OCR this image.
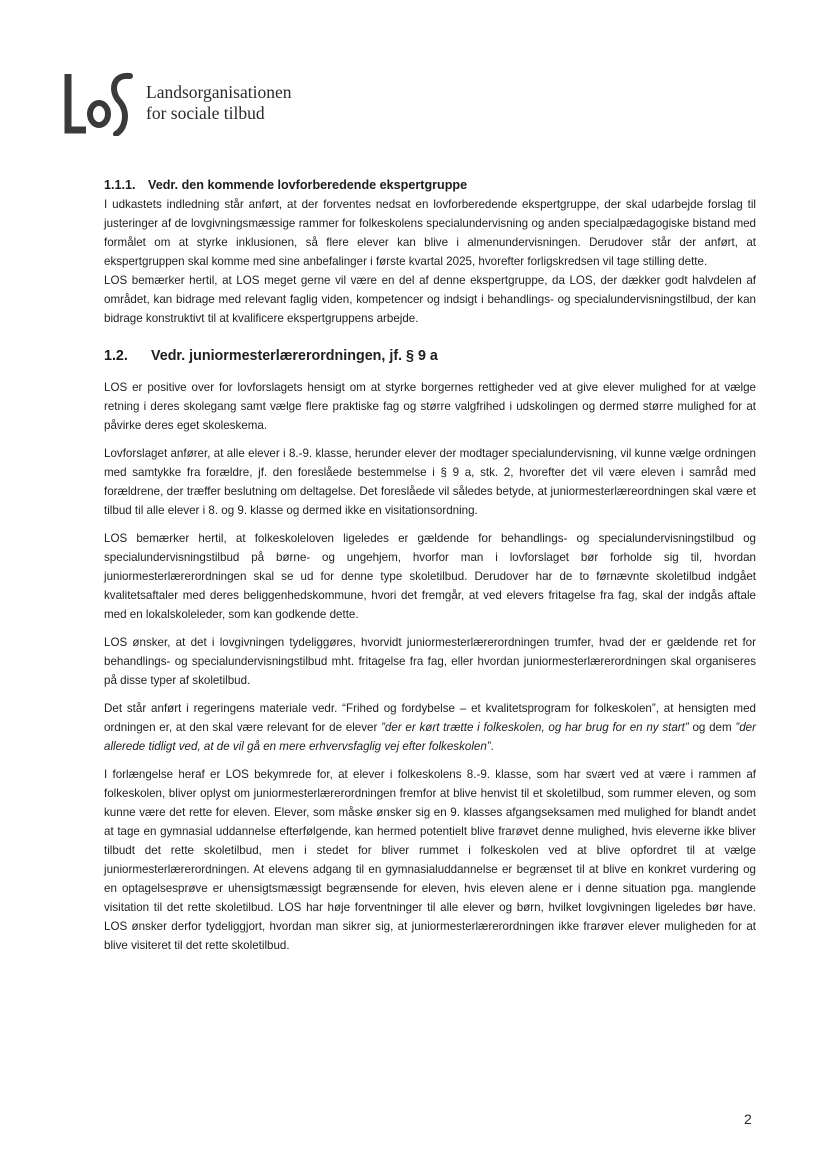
Landsorganisationen
for sociale tilbud
1.1.1. Vedr. den kommende lovforberedende ekspertgruppe

I udkastets indledning står anført, at der forventes nedsat en lovforberedende ekspertgruppe, der skal udarbejde forslag til justeringer af de lovgivningsmæssige rammer for folkeskolens specialundervisning og anden specialpædagogiske bistand med formålet om at styrke inklusionen, så flere elever kan blive i almenundervisningen. Derudover står der anført, at ekspertgruppen skal komme med sine anbefalinger i første kvartal 2025, hvorefter forligskredsen vil tage stilling dette.

LOS bemærker hertil, at LOS meget gerne vil være en del af denne ekspertgruppe, da LOS, der dækker godt halvdelen af området, kan bidrage med relevant faglig viden, kompetencer og indsigt i behandlings- og specialundervisningstilbud, der kan bidrage konstruktivt til at kvalificere ekspertgruppens arbejde.

1.2. Vedr. juniormesterlærerordningen, jf. § 9 a

LOS er positive over for lovforslagets hensigt om at styrke borgernes rettigheder ved at give elever mulighed for at vælge retning i deres skolegang samt vælge flere praktiske fag og større valgfrihed i udskolingen og dermed større mulighed for at påvirke deres eget skoleskema.

Lovforslaget anfører, at alle elever i 8.-9. klasse, herunder elever der modtager specialundervisning, vil kunne vælge ordningen med samtykke fra forældre, jf. den foreslåede bestemmelse i § 9 a, stk. 2, hvorefter det vil være eleven i samråd med forældrene, der træffer beslutning om deltagelse. Det foreslåede vil således betyde, at juniormesterlæreordningen skal være et tilbud til alle elever i 8. og 9. klasse og dermed ikke en visitationsordning.

LOS bemærker hertil, at folkeskoleloven ligeledes er gældende for behandlings- og specialundervisningstilbud og specialundervisningstilbud på børne- og ungehjem, hvorfor man i lovforslaget bør forholde sig til, hvordan juniormesterlærerordningen skal se ud for denne type skoletilbud. Derudover har de to førnævnte skoletilbud indgået kvalitetsaftaler med deres beliggenhedskommune, hvori det fremgår, at ved elevers fritagelse fra fag, skal der indgås aftale med en lokalskoleleder, som kan godkende dette.

LOS ønsker, at det i lovgivningen tydeliggøres, hvorvidt juniormesterlærerordningen trumfer, hvad der er gældende ret for behandlings- og specialundervisningstilbud mht. fritagelse fra fag, eller hvordan juniormesterlærerordningen skal organiseres på disse typer af skoletilbud.

Det står anført i regeringens materiale vedr. “Frihed og fordybelse – et kvalitetsprogram for folkeskolen”, at hensigten med ordningen er, at den skal være relevant for de elever ”der er kørt trætte i folkeskolen, og har brug for en ny start” og dem ”der allerede tidligt ved, at de vil gå en mere erhvervsfaglig vej efter folkeskolen”.

I forlængelse heraf er LOS bekymrede for, at elever i folkeskolens 8.-9. klasse, som har svært ved at være i rammen af folkeskolen, bliver oplyst om juniormesterlærerordningen fremfor at blive henvist til et skoletilbud, som rummer eleven, og som kunne være det rette for eleven. Elever, som måske ønsker sig en 9. klasses afgangseksamen med mulighed for blandt andet at tage en gymnasial uddannelse efterfølgende, kan hermed potentielt blive frarøvet denne mulighed, hvis eleverne ikke bliver tilbudt det rette skoletilbud, men i stedet for bliver rummet i folkeskolen ved at blive opfordret til at vælge juniormesterlærerordningen. At elevens adgang til en gymnasialuddannelse er begrænset til at blive en konkret vurdering og en optagelsesprøve er uhensigtsmæssigt begrænsende for eleven, hvis eleven alene er i denne situation pga. manglende visitation til det rette skoletilbud. LOS har høje forventninger til alle elever og børn, hvilket lovgivningen ligeledes bør have. LOS ønsker derfor tydeliggjort, hvordan man sikrer sig, at juniormesterlærerordningen ikke frarøver elever muligheden for at blive visiteret til det rette skoletilbud.

2
